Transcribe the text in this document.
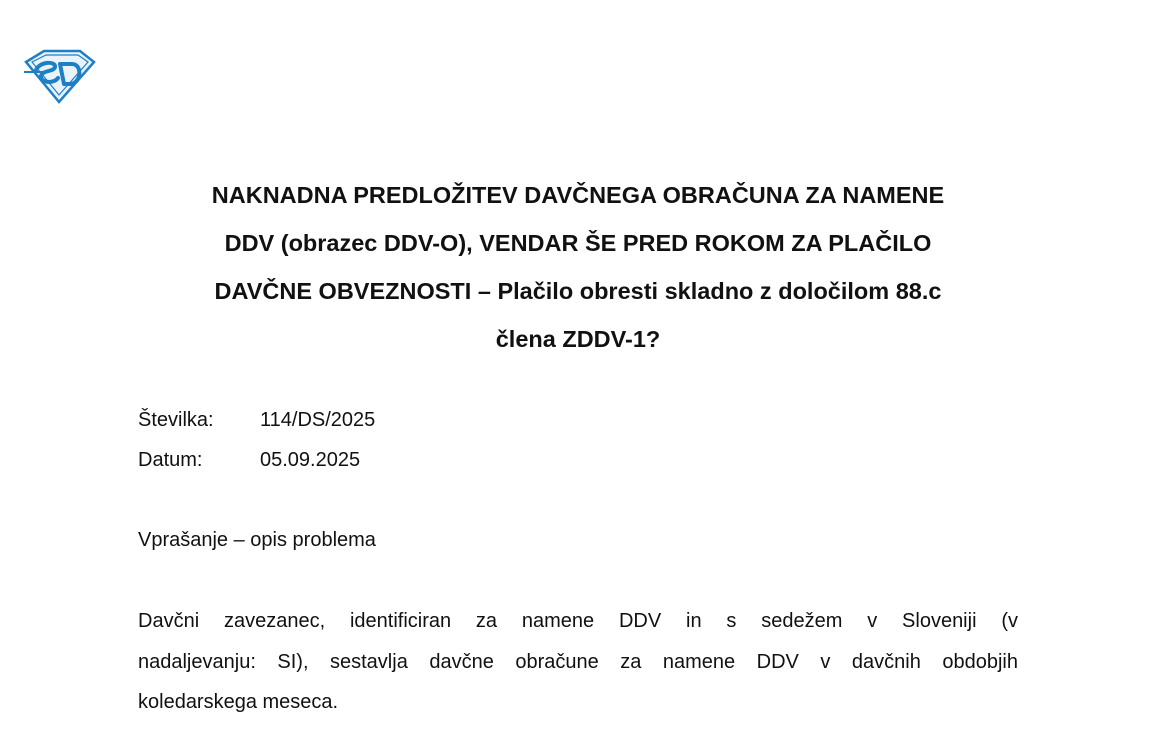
NAKNADNA PREDLOŽITEV DAVČNEGA OBRAČUNA ZA NAMENE
DDV (obrazec DDV-O), VENDAR ŠE PRED ROKOM ZA PLAČILO
DAVČNE OBVEZNOSTI – Plačilo obresti skladno z določilom 88.c
člena ZDDV-1?
Številka:	114/DS/2025
Datum:	05.09.2025
Vprašanje – opis problema

Davčni zavezanec, identificiran za namene DDV in s sedežem v Sloveniji (v
nadaljevanju: SI), sestavlja davčne obračune za namene DDV v davčnih obdobjih
koledarskega meseca.
